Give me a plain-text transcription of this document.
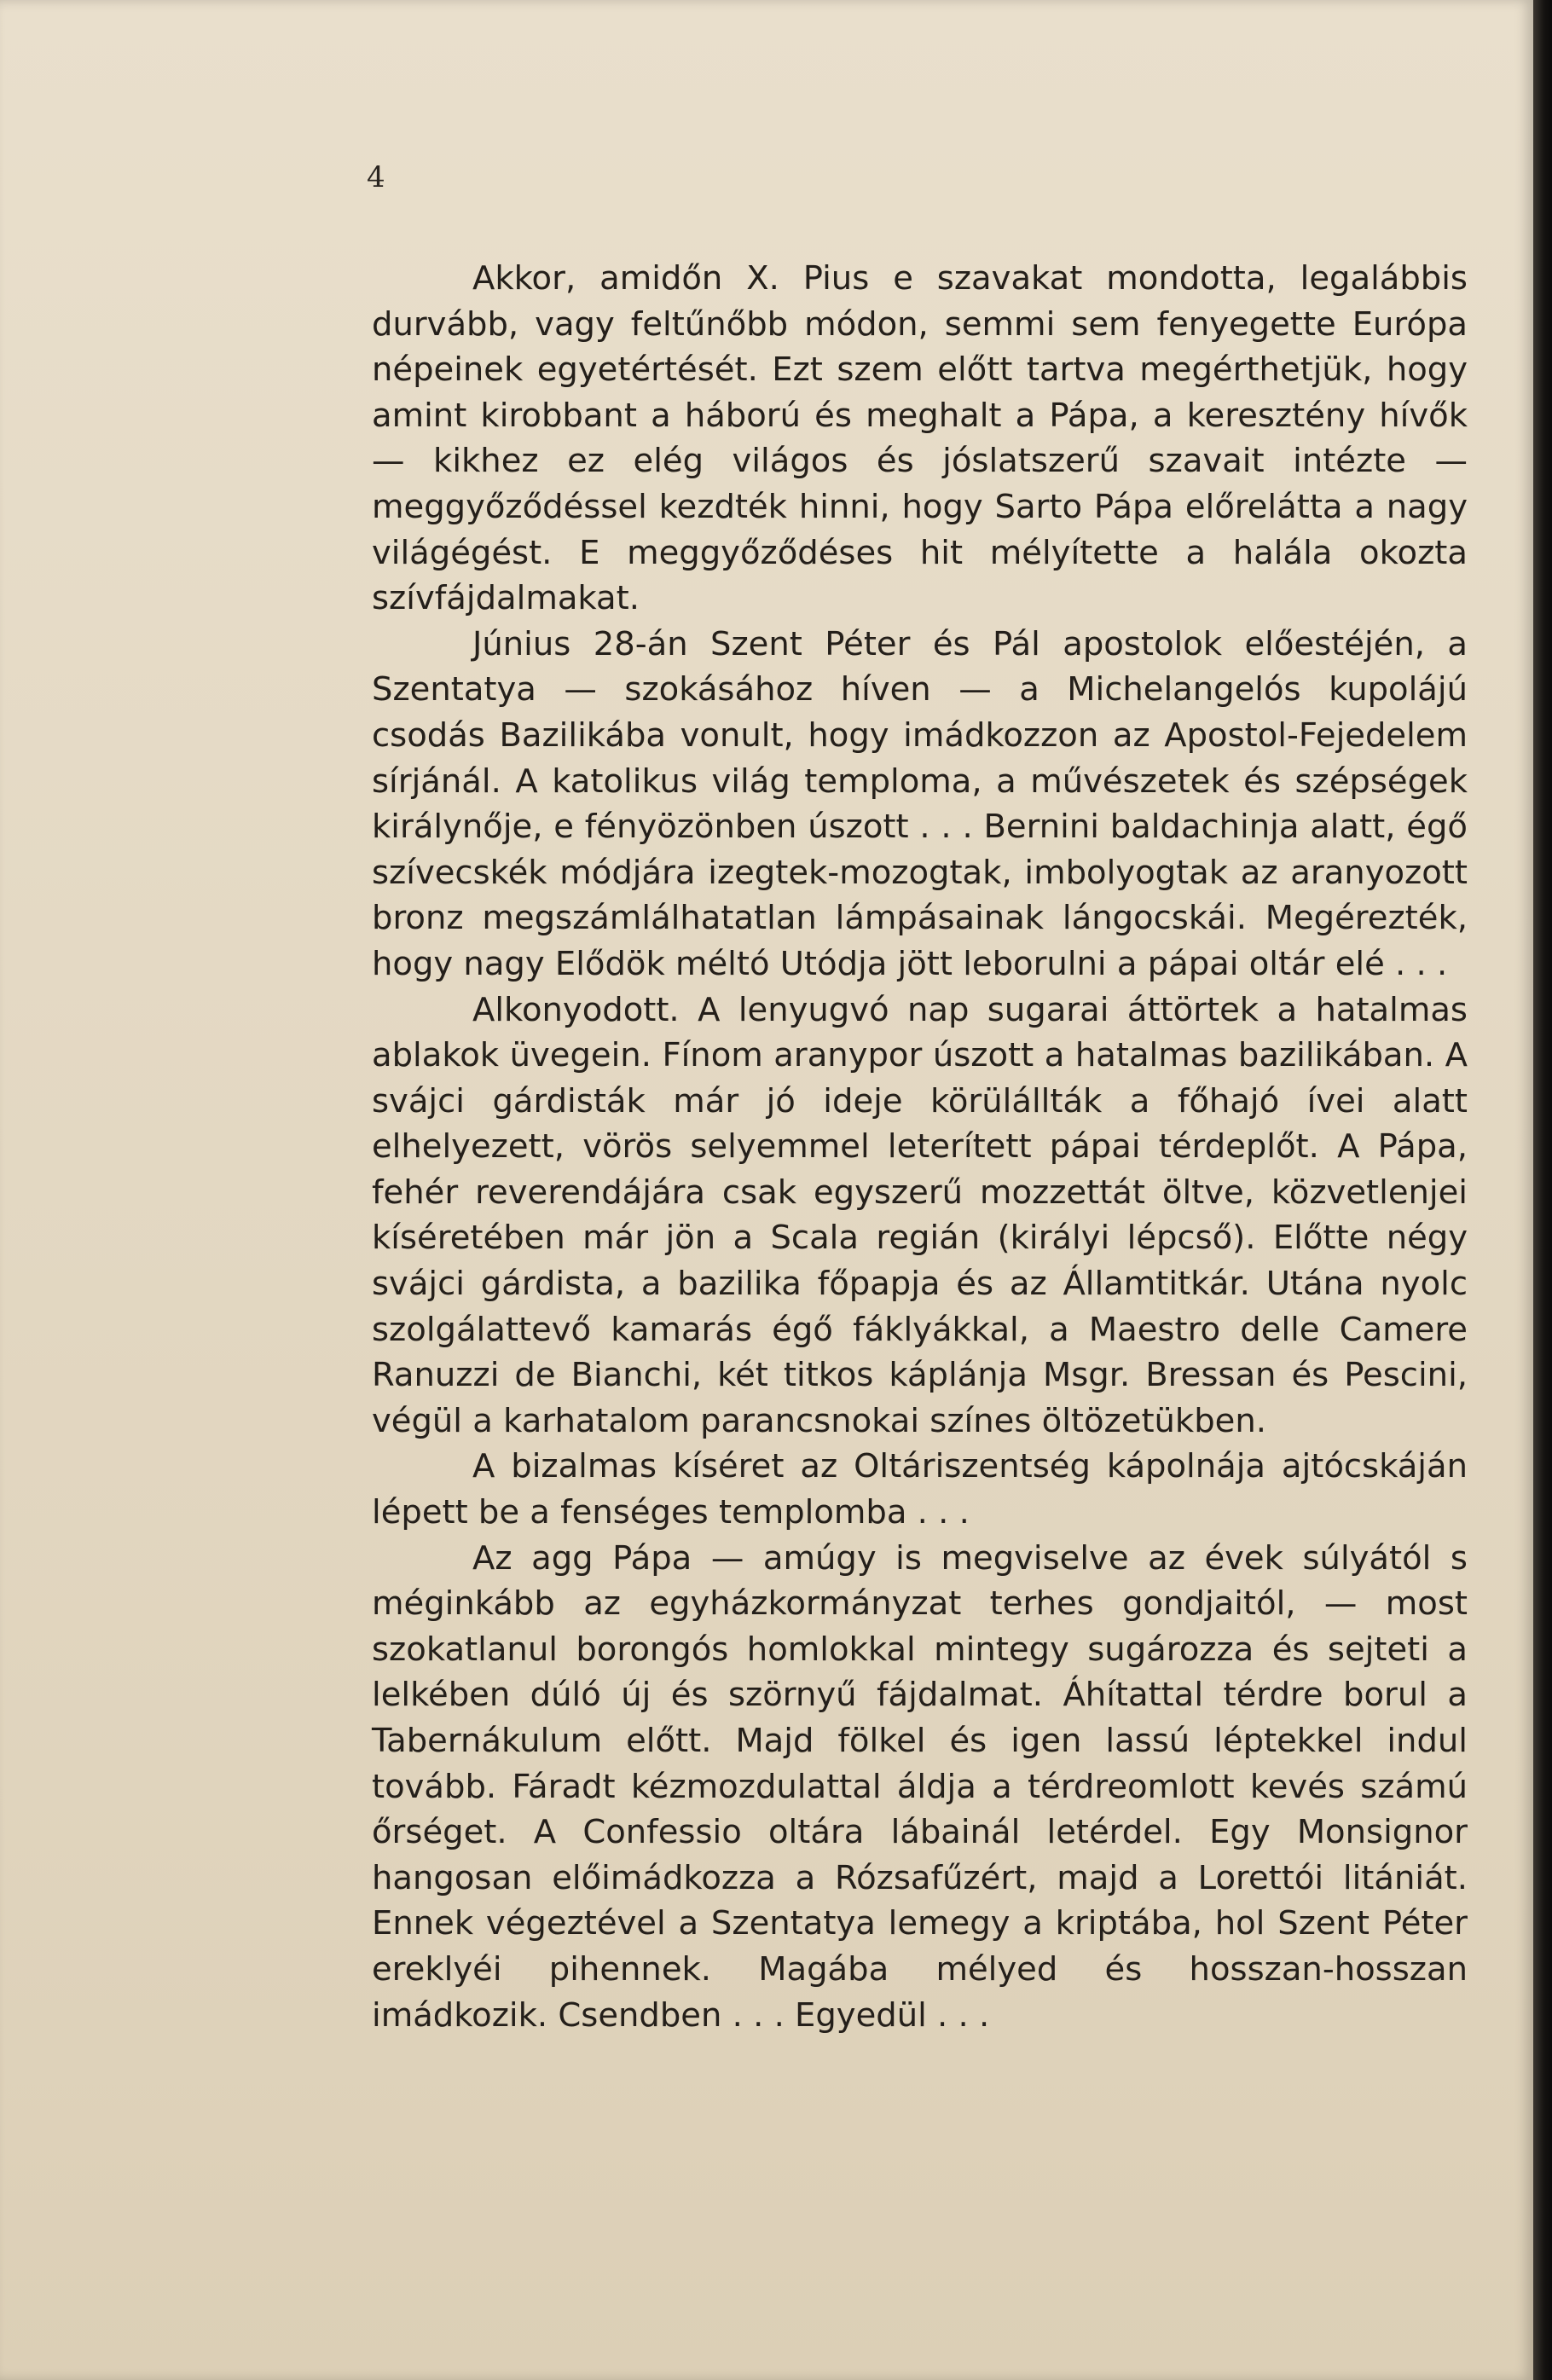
4

Akkor, amidőn X. Pius e szavakat mondotta, legalábbis durvább, vagy feltűnőbb módon, semmi sem fenyegette Európa népeinek egyetértését. Ezt szem előtt tartva megérthetjük, hogy amint kirobbant a háború és meghalt a Pápa, a keresztény hívők — kikhez ez elég világos és jóslatszerű szavait intézte — meggyőződéssel kezdték hinni, hogy Sarto Pápa előrelátta a nagy világégést. E meggyőződéses hit mélyítette a halála okozta szívfájdalmakat.

Június 28-án Szent Péter és Pál apostolok előestéjén, a Szentatya — szokásához híven — a Michelangelós kupolájú csodás Bazilikába vonult, hogy imádkozzon az Apostol-Fejedelem sírjánál. A katolikus világ temploma, a művészetek és szépségek királynője, e fényözönben úszott . . . Bernini baldachinja alatt, égő szívecskék módjára izegtek-mozogtak, imbolyogtak az aranyozott bronz megszámlálhatatlan lámpásainak lángocskái. Megérezték, hogy nagy Elődök méltó Utódja jött leborulni a pápai oltár elé . . .

Alkonyodott. A lenyugvó nap sugarai áttörtek a hatalmas ablakok üvegein. Fínom aranypor úszott a hatalmas bazilikában. A svájci gárdisták már jó ideje körülállták a főhajó ívei alatt elhelyezett, vörös selyemmel leterített pápai térdeplőt. A Pápa, fehér reverendájára csak egyszerű mozzettát öltve, közvetlenjei kíséretében már jön a Scala regián (királyi lépcső). Előtte négy svájci gárdista, a bazilika főpapja és az Államtitkár. Utána nyolc szolgálattevő kamarás égő fáklyákkal, a Maestro delle Camere Ranuzzi de Bianchi, két titkos káplánja Msgr. Bressan és Pescini, végül a karhatalom parancsnokai színes öltözetükben.

A bizalmas kíséret az Oltáriszentség kápolnája ajtócskáján lépett be a fenséges templomba . . .

Az agg Pápa — amúgy is megviselve az évek súlyától s méginkább az egyházkormányzat terhes gondjaitól, — most szokatlanul borongós homlokkal mintegy sugározza és sejteti a lelkében dúló új és szörnyű fájdalmat. Áhítattal térdre borul a Tabernákulum előtt. Majd fölkel és igen lassú léptekkel indul tovább. Fáradt kézmozdulattal áldja a térdreomlott kevés számú őrséget. A Confessio oltára lábainál letérdel. Egy Monsignor hangosan előimádkozza a Rózsafűzért, majd a Lorettói litániát. Ennek végeztével a Szentatya lemegy a kriptába, hol Szent Péter ereklyéi pihennek. Magába mélyed és hosszan-hosszan imádkozik. Csendben . . . Egyedül . . .
